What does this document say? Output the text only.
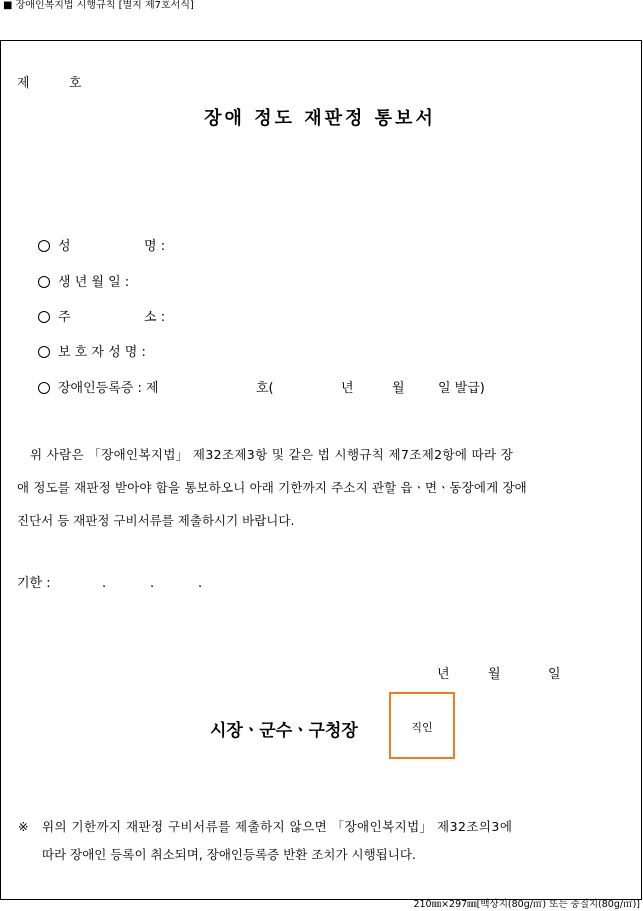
■ 장애인복지법 시행규칙 [별지 제7호서식]
제	호
장애 정도 재판정 통보서
성	명 :
생 년 월 일 :
주	소 :
보 호 자 성 명 :
장애인등록증 : 제	호(	년	월	일 발급)
위 사람은 「장애인복지법」 제32조제3항 및 같은 법 시행규칙 제7조제2항에 따라 장
애 정도를 재판정 받아야 함을 통보하오니 아래 기한까지 주소지 관할 읍ㆍ면ㆍ동장에게 장애
진단서 등 재판정 구비서류를 제출하시기 바랍니다.
기한 :	.	.	.
년	월	일
시장ㆍ군수ㆍ구청장	직인
※ 위의 기한까지 재판정 구비서류를 제출하지 않으면 「장애인복지법」 제32조의3에
따라 장애인 등록이 취소되며, 장애인등록증 반환 조치가 시행됩니다.
210㎜×297㎜[백상지(80g/㎡) 또는 중질지(80g/㎡)]
